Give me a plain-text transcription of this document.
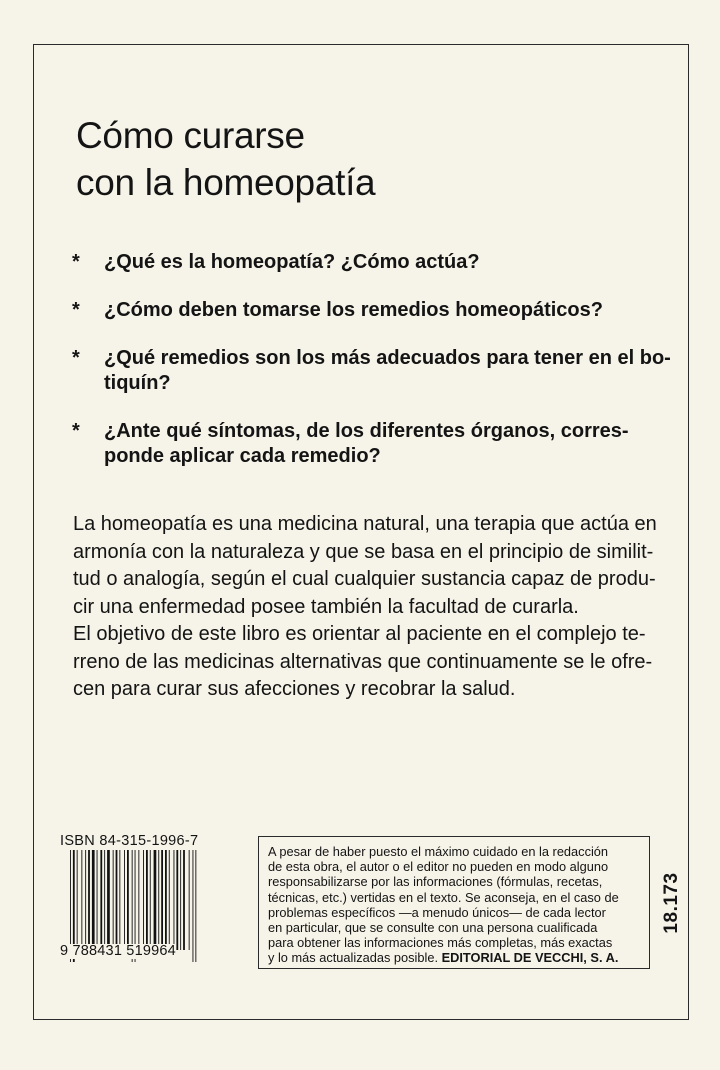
Cómo curarse
con la homeopatía
* ¿Qué es la homeopatía? ¿Cómo actúa?
* ¿Cómo deben tomarse los remedios homeopáticos?
* ¿Qué remedios son los más adecuados para tener en el bo-
tiquín?
* ¿Ante qué síntomas, de los diferentes órganos, corres-
ponde aplicar cada remedio?
La homeopatía es una medicina natural, una terapia que actúa en
armonía con la naturaleza y que se basa en el principio de similit-
tud o analogía, según el cual cualquier sustancia capaz de produ-
cir una enfermedad posee también la facultad de curarla.
El objetivo de este libro es orientar al paciente en el complejo te-
rreno de las medicinas alternativas que continuamente se le ofre-
cen para curar sus afecciones y recobrar la salud.
ISBN 84-315-1996-7
9 788431 519964
A pesar de haber puesto el máximo cuidado en la redacción
de esta obra, el autor o el editor no pueden en modo alguno
responsabilizarse por las informaciones (fórmulas, recetas,
técnicas, etc.) vertidas en el texto. Se aconseja, en el caso de
problemas específicos —a menudo únicos— de cada lector
en particular, que se consulte con una persona cualificada
para obtener las informaciones más completas, más exactas
y lo más actualizadas posible. EDITORIAL DE VECCHI, S. A.
18.173
